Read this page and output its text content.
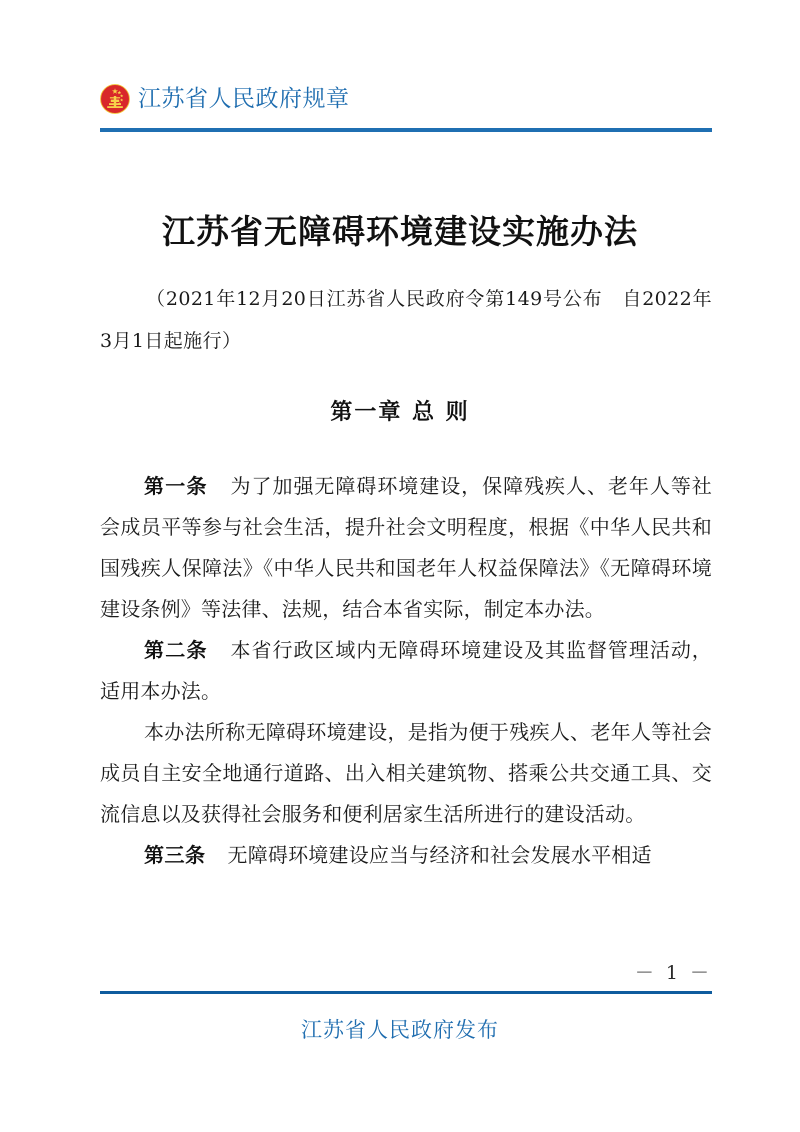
江苏省人民政府规章
江苏省无障碍环境建设实施办法
（2021年12月20日江苏省人民政府令第149号公布　自2022年3月1日起施行）
第一章 总 则

第一条 为了加强无障碍环境建设，保障残疾人、老年人等社会成员平等参与社会生活，提升社会文明程度，根据《中华人民共和国残疾人保障法》《中华人民共和国老年人权益保障法》《无障碍环境建设条例》等法律、法规，结合本省实际，制定本办法。

第二条 本省行政区域内无障碍环境建设及其监督管理活动，适用本办法。

本办法所称无障碍环境建设，是指为便于残疾人、老年人等社会成员自主安全地通行道路、出入相关建筑物、搭乘公共交通工具、交流信息以及获得社会服务和便利居家生活所进行的建设活动。

第三条 无障碍环境建设应当与经济和社会发展水平相适

－ 1 －
江苏省人民政府发布
